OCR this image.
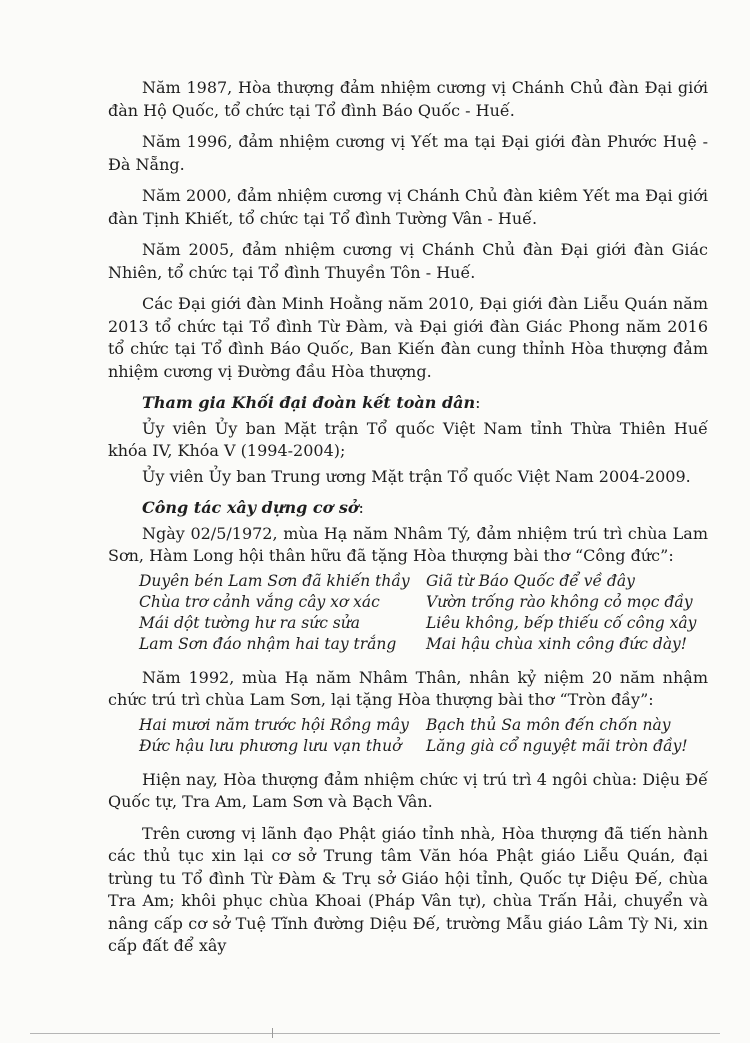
Năm 1987, Hòa thượng đảm nhiệm cương vị Chánh Chủ đàn Đại giới đàn Hộ Quốc, tổ chức tại Tổ đình Báo Quốc - Huế.

Năm 1996, đảm nhiệm cương vị Yết ma tại Đại giới đàn Phước Huệ - Đà Nẵng.

Năm 2000, đảm nhiệm cương vị Chánh Chủ đàn kiêm Yết ma Đại giới đàn Tịnh Khiết, tổ chức tại Tổ đình Tường Vân - Huế.

Năm 2005, đảm nhiệm cương vị Chánh Chủ đàn Đại giới đàn Giác Nhiên, tổ chức tại Tổ đình Thuyền Tôn - Huế.

Các Đại giới đàn Minh Hoằng năm 2010, Đại giới đàn Liễu Quán năm 2013 tổ chức tại Tổ đình Từ Đàm, và Đại giới đàn Giác Phong năm 2016 tổ chức tại Tổ đình Báo Quốc, Ban Kiến đàn cung thỉnh Hòa thượng đảm nhiệm cương vị Đường đầu Hòa thượng.

Tham gia Khối đại đoàn kết toàn dân:

Ủy viên Ủy ban Mặt trận Tổ quốc Việt Nam tỉnh Thừa Thiên Huế khóa IV, Khóa V (1994-2004);

Ủy viên Ủy ban Trung ương Mặt trận Tổ quốc Việt Nam 2004-2009.

Công tác xây dựng cơ sở:

Ngày 02/5/1972, mùa Hạ năm Nhâm Tý, đảm nhiệm trú trì chùa Lam Sơn, Hàm Long hội thân hữu đã tặng Hòa thượng bài thơ “Công đức”:

Duyên bén Lam Sơn đã khiến thầy	Giã từ Báo Quốc để về đây
Chùa trơ cảnh vắng cây xơ xác	Vườn trống rào không cỏ mọc đầy
Mái dột tường hư ra sức sửa	Liêu không, bếp thiếu cố công xây
Lam Sơn đáo nhậm hai tay trắng	Mai hậu chùa xinh công đức dày!

Năm 1992, mùa Hạ năm Nhâm Thân, nhân kỷ niệm 20 năm nhậm chức trú trì chùa Lam Sơn, lại tặng Hòa thượng bài thơ “Tròn đầy”:

Hai mươi năm trước hội Rồng mây	Bạch thủ Sa môn đến chốn này
Đức hậu lưu phương lưu vạn thuở	Lăng già cổ nguyệt mãi tròn đầy!

Hiện nay, Hòa thượng đảm nhiệm chức vị trú trì 4 ngôi chùa: Diệu Đế Quốc tự, Tra Am, Lam Sơn và Bạch Vân.

Trên cương vị lãnh đạo Phật giáo tỉnh nhà, Hòa thượng đã tiến hành các thủ tục xin lại cơ sở Trung tâm Văn hóa Phật giáo Liễu Quán, đại trùng tu Tổ đình Từ Đàm & Trụ sở Giáo hội tỉnh, Quốc tự Diệu Đế, chùa Tra Am; khôi phục chùa Khoai (Pháp Vân tự), chùa Trấn Hải, chuyển và nâng cấp cơ sở Tuệ Tĩnh đường Diệu Đế, trường Mẫu giáo Lâm Tỳ Ni, xin cấp đất để xây
